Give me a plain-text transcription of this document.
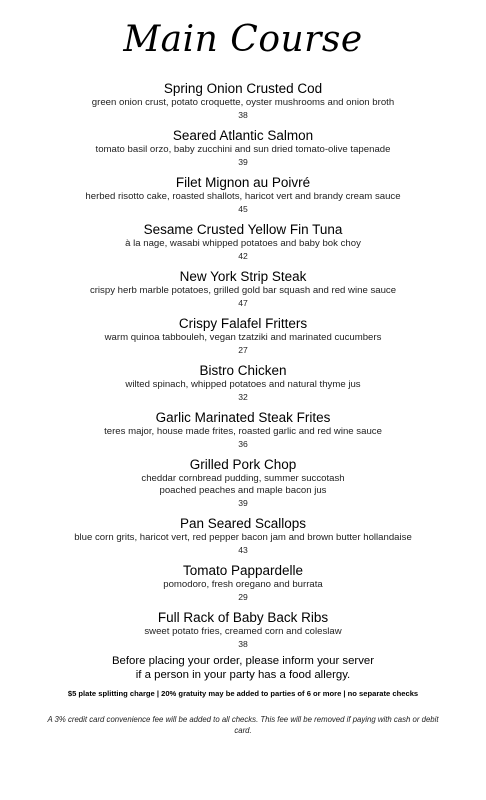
Main Course
Spring Onion Crusted Cod
green onion crust, potato croquette, oyster mushrooms and onion broth
38
Seared Atlantic Salmon
tomato basil orzo, baby zucchini and sun dried tomato-olive tapenade
39
Filet Mignon au Poivré
herbed risotto cake, roasted shallots, haricot vert and brandy cream sauce
45
Sesame Crusted Yellow Fin Tuna
à la nage, wasabi whipped potatoes and baby bok choy
42
New York Strip Steak
crispy herb marble potatoes, grilled gold bar squash and red wine sauce
47
Crispy Falafel Fritters
warm quinoa tabbouleh, vegan tzatziki and marinated cucumbers
27
Bistro Chicken
wilted spinach, whipped potatoes and natural thyme jus
32
Garlic Marinated Steak Frites
teres major, house made frites, roasted garlic and red wine sauce
36
Grilled Pork Chop
cheddar cornbread pudding, summer succotash
poached peaches and maple bacon jus
39
Pan Seared Scallops
blue corn grits, haricot vert, red pepper bacon jam and brown butter hollandaise
43
Tomato Pappardelle
pomodoro, fresh oregano and burrata
29
Full Rack of Baby Back Ribs
sweet potato fries, creamed corn and coleslaw
38
Before placing your order, please inform your server
if a person in your party has a food allergy.
$5 plate splitting charge | 20% gratuity may be added to parties of 6 or more | no separate checks
A 3% credit card convenience fee will be added to all checks. This fee will be removed if paying with cash or debit card.
